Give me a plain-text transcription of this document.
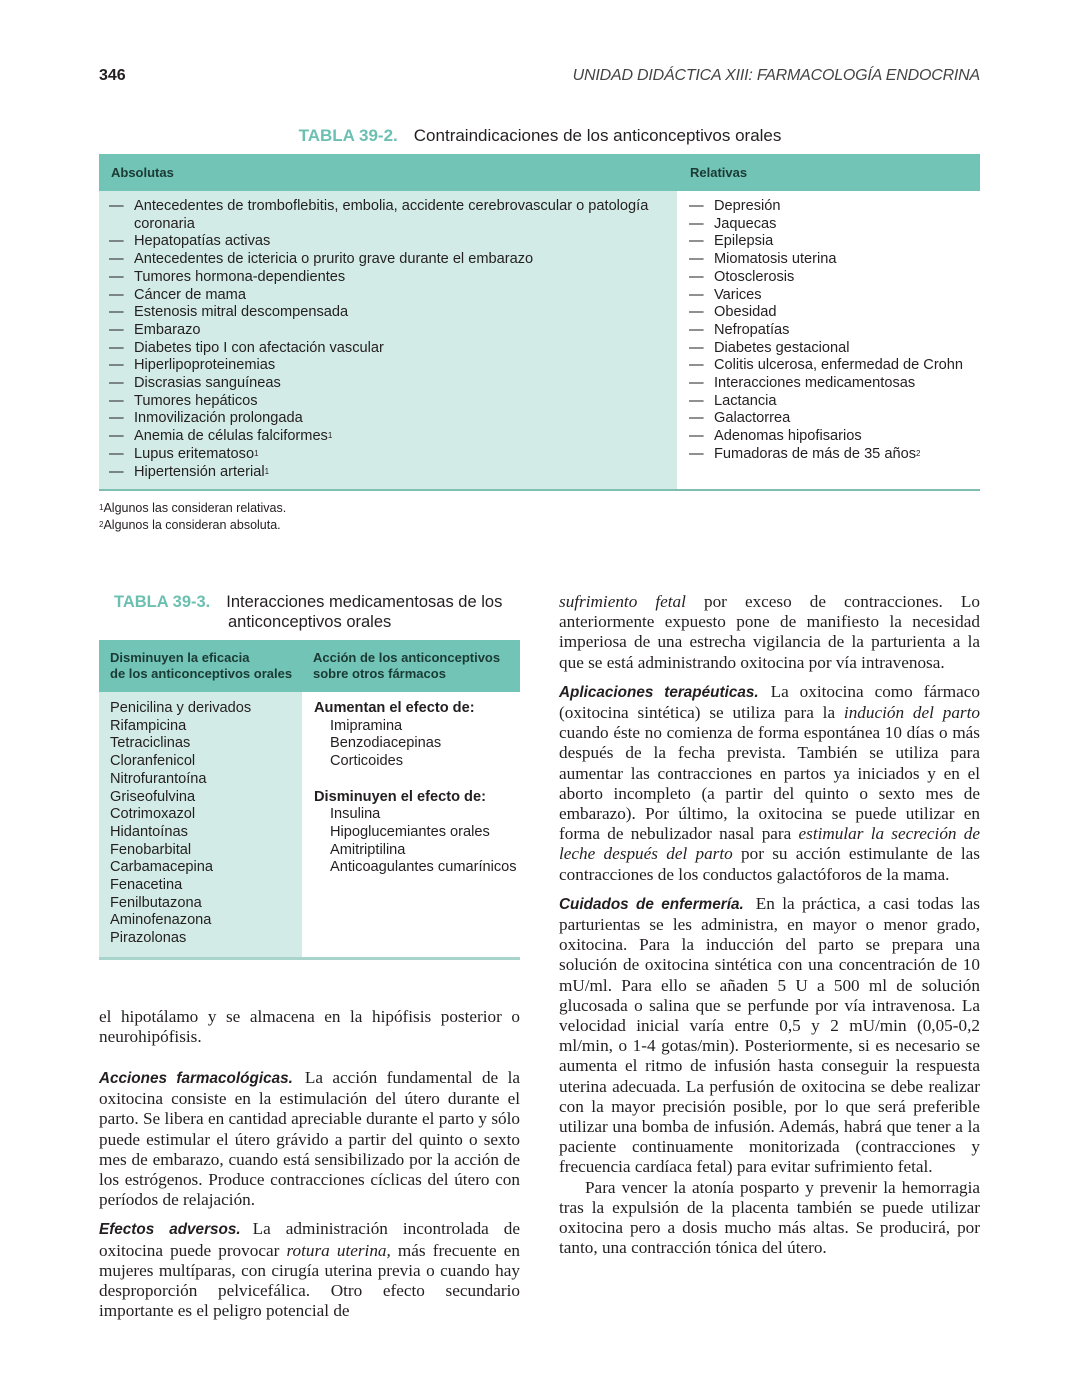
346	UNIDAD DIDÁCTICA XIII: FARMACOLOGÍA ENDOCRINA
TABLA 39-2. Contraindicaciones de los anticonceptivos orales
Absolutas	Relativas
— Antecedentes de tromboflebitis, embolia, accidente cerebrovascular o patología coronaria
— Hepatopatías activas
— Antecedentes de ictericia o prurito grave durante el embarazo
— Tumores hormona-dependientes
— Cáncer de mama
— Estenosis mitral descompensada
— Embarazo
— Diabetes tipo I con afectación vascular
— Hiperlipoproteinemias
— Discrasias sanguíneas
— Tumores hepáticos
— Inmovilización prolongada
— Anemia de células falciformes$^1$
— Lupus eritematoso$^1$
— Hipertensión arterial$^1$
— Depresión
— Jaquecas
— Epilepsia
— Miomatosis uterina
— Otosclerosis
— Varices
— Obesidad
— Nefropatías
— Diabetes gestacional
— Colitis ulcerosa, enfermedad de Crohn
— Interacciones medicamentosas
— Lactancia
— Galactorrea
— Adenomas hipofisarios
— Fumadoras de más de 35 años$^2$
$^1$Algunos las consideran relativas.
$^2$Algunos la consideran absoluta.
TABLA 39-3. Interacciones medicamentosas de los
anticonceptivos orales
Disminuyen la eficacia
de los anticonceptivos orales
Acción de los anticonceptivos
sobre otros fármacos
Penicilina y derivados
Rifampicina
Tetraciclinas
Cloranfenicol
Nitrofurantoína
Griseofulvina
Cotrimoxazol
Hidantoínas
Fenobarbital
Carbamacepina
Fenacetina
Fenilbutazona
Aminofenazona
Pirazolonas
Aumentan el efecto de:
Imipramina
Benzodiacepinas
Corticoides
Disminuyen el efecto de:
Insulina
Hipoglucemiantes orales
Amitriptilina
Anticoagulantes cumarínicos

el hipotálamo y se almacena en la hipófisis posterior o neurohipófisis.

Acciones farmacológicas. La acción fundamental de la oxitocina consiste en la estimulación del útero durante el parto. Se libera en cantidad apreciable durante el parto y sólo puede estimular el útero grávido a partir del quinto o sexto mes de embarazo, cuando está sensibilizado por la acción de los estrógenos. Produce contracciones cíclicas del útero con períodos de relajación.

Efectos adversos. La administración incontrolada de oxitocina puede provocar rotura uterina, más frecuente en mujeres multíparas, con cirugía uterina previa o cuando hay desproporción pelvicefálica. Otro efecto secundario importante es el peligro potencial de

sufrimiento fetal por exceso de contracciones. Lo anteriormente expuesto pone de manifiesto la necesidad imperiosa de una estrecha vigilancia de la parturienta a la que se está administrando oxitocina por vía intravenosa.

Aplicaciones terapéuticas. La oxitocina como fármaco (oxitocina sintética) se utiliza para la indución del parto cuando éste no comienza de forma espontánea 10 días o más después de la fecha prevista. También se utiliza para aumentar las contracciones en partos ya iniciados y en el aborto incompleto (a partir del quinto o sexto mes de embarazo). Por último, la oxitocina se puede utilizar en forma de nebulizador nasal para estimular la secreción de leche después del parto por su acción estimulante de las contracciones de los conductos galactóforos de la mama.

Cuidados de enfermería. En la práctica, a casi todas las parturientas se les administra, en mayor o menor grado, oxitocina. Para la inducción del parto se prepara una solución de oxitocina sintética con una concentración de 10 mU/ml. Para ello se añaden 5 U a 500 ml de solución glucosada o salina que se perfunde por vía intravenosa. La velocidad inicial varía entre 0,5 y 2 mU/min (0,05-0,2 ml/min, o 1-4 gotas/min). Posteriormente, si es necesario se aumenta el ritmo de infusión hasta conseguir la respuesta uterina adecuada. La perfusión de oxitocina se debe realizar con la mayor precisión posible, por lo que será preferible utilizar una bomba de infusión. Además, habrá que tener a la paciente continuamente monitorizada (contracciones y frecuencia cardíaca fetal) para evitar sufrimiento fetal.

Para vencer la atonía posparto y prevenir la hemorragia tras la expulsión de la placenta también se puede utilizar oxitocina pero a dosis mucho más altas. Se producirá, por tanto, una contracción tónica del útero.
